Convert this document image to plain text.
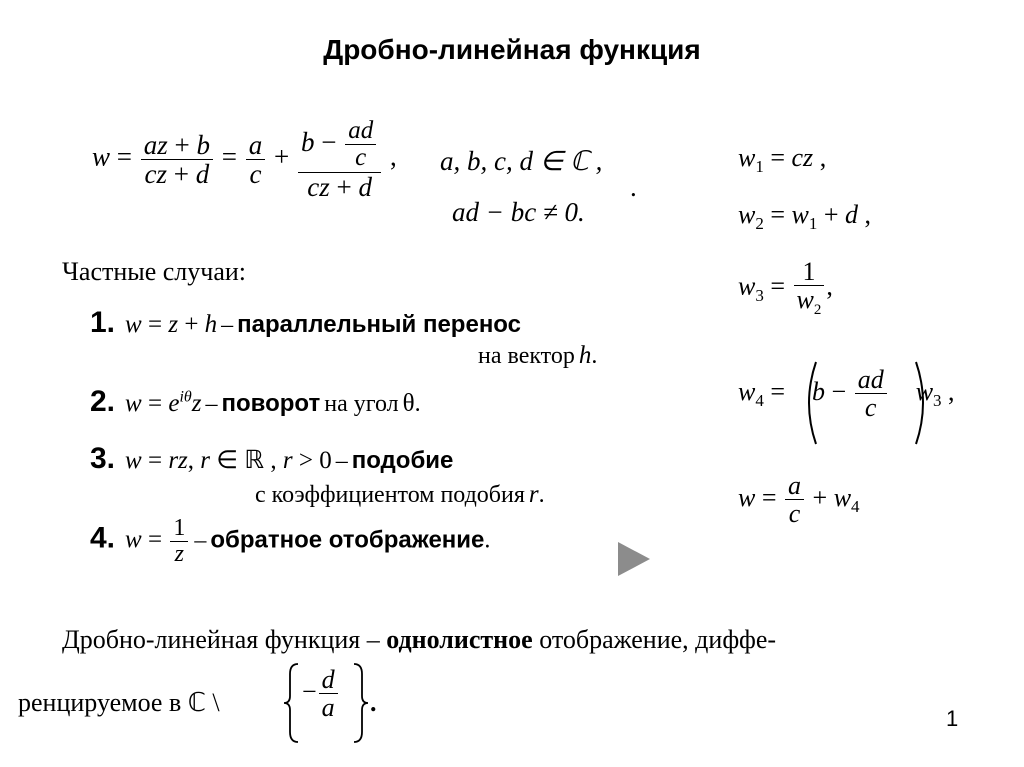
Дробно-линейная функция
$w = \frac{az + b}{cz + d} = \frac{a}{c} + \frac{b - \frac{ad}{c}}{cz + d}$ , a, b, c, d ∈ ℂ ,
ad − bc ≠ 0.
.
Частные случаи:
1. w = z + h – параллельный перенос
на вектор h.
2. $w = e^{i\theta}z$ – поворот на угол θ.
3. w = rz, r ∈ ℝ , r > 0 – подобие
с коэффициентом подобия r.
4. $w = \frac{1}{z}$ – обратное отображение.
$w_1$ = cz ,
$w_2 = w_1 + d$ ,
$w_3 = \frac{1}{w_2}$ ,
$w_4 = b - \frac{ad}{c} w_3$ ,
$w = \frac{a}{c} + w_4$
Дробно-линейная функция – однолистное отображение, диффе-
ренцируемое в ℂ \	− $\frac{d}{a}$ .
1
